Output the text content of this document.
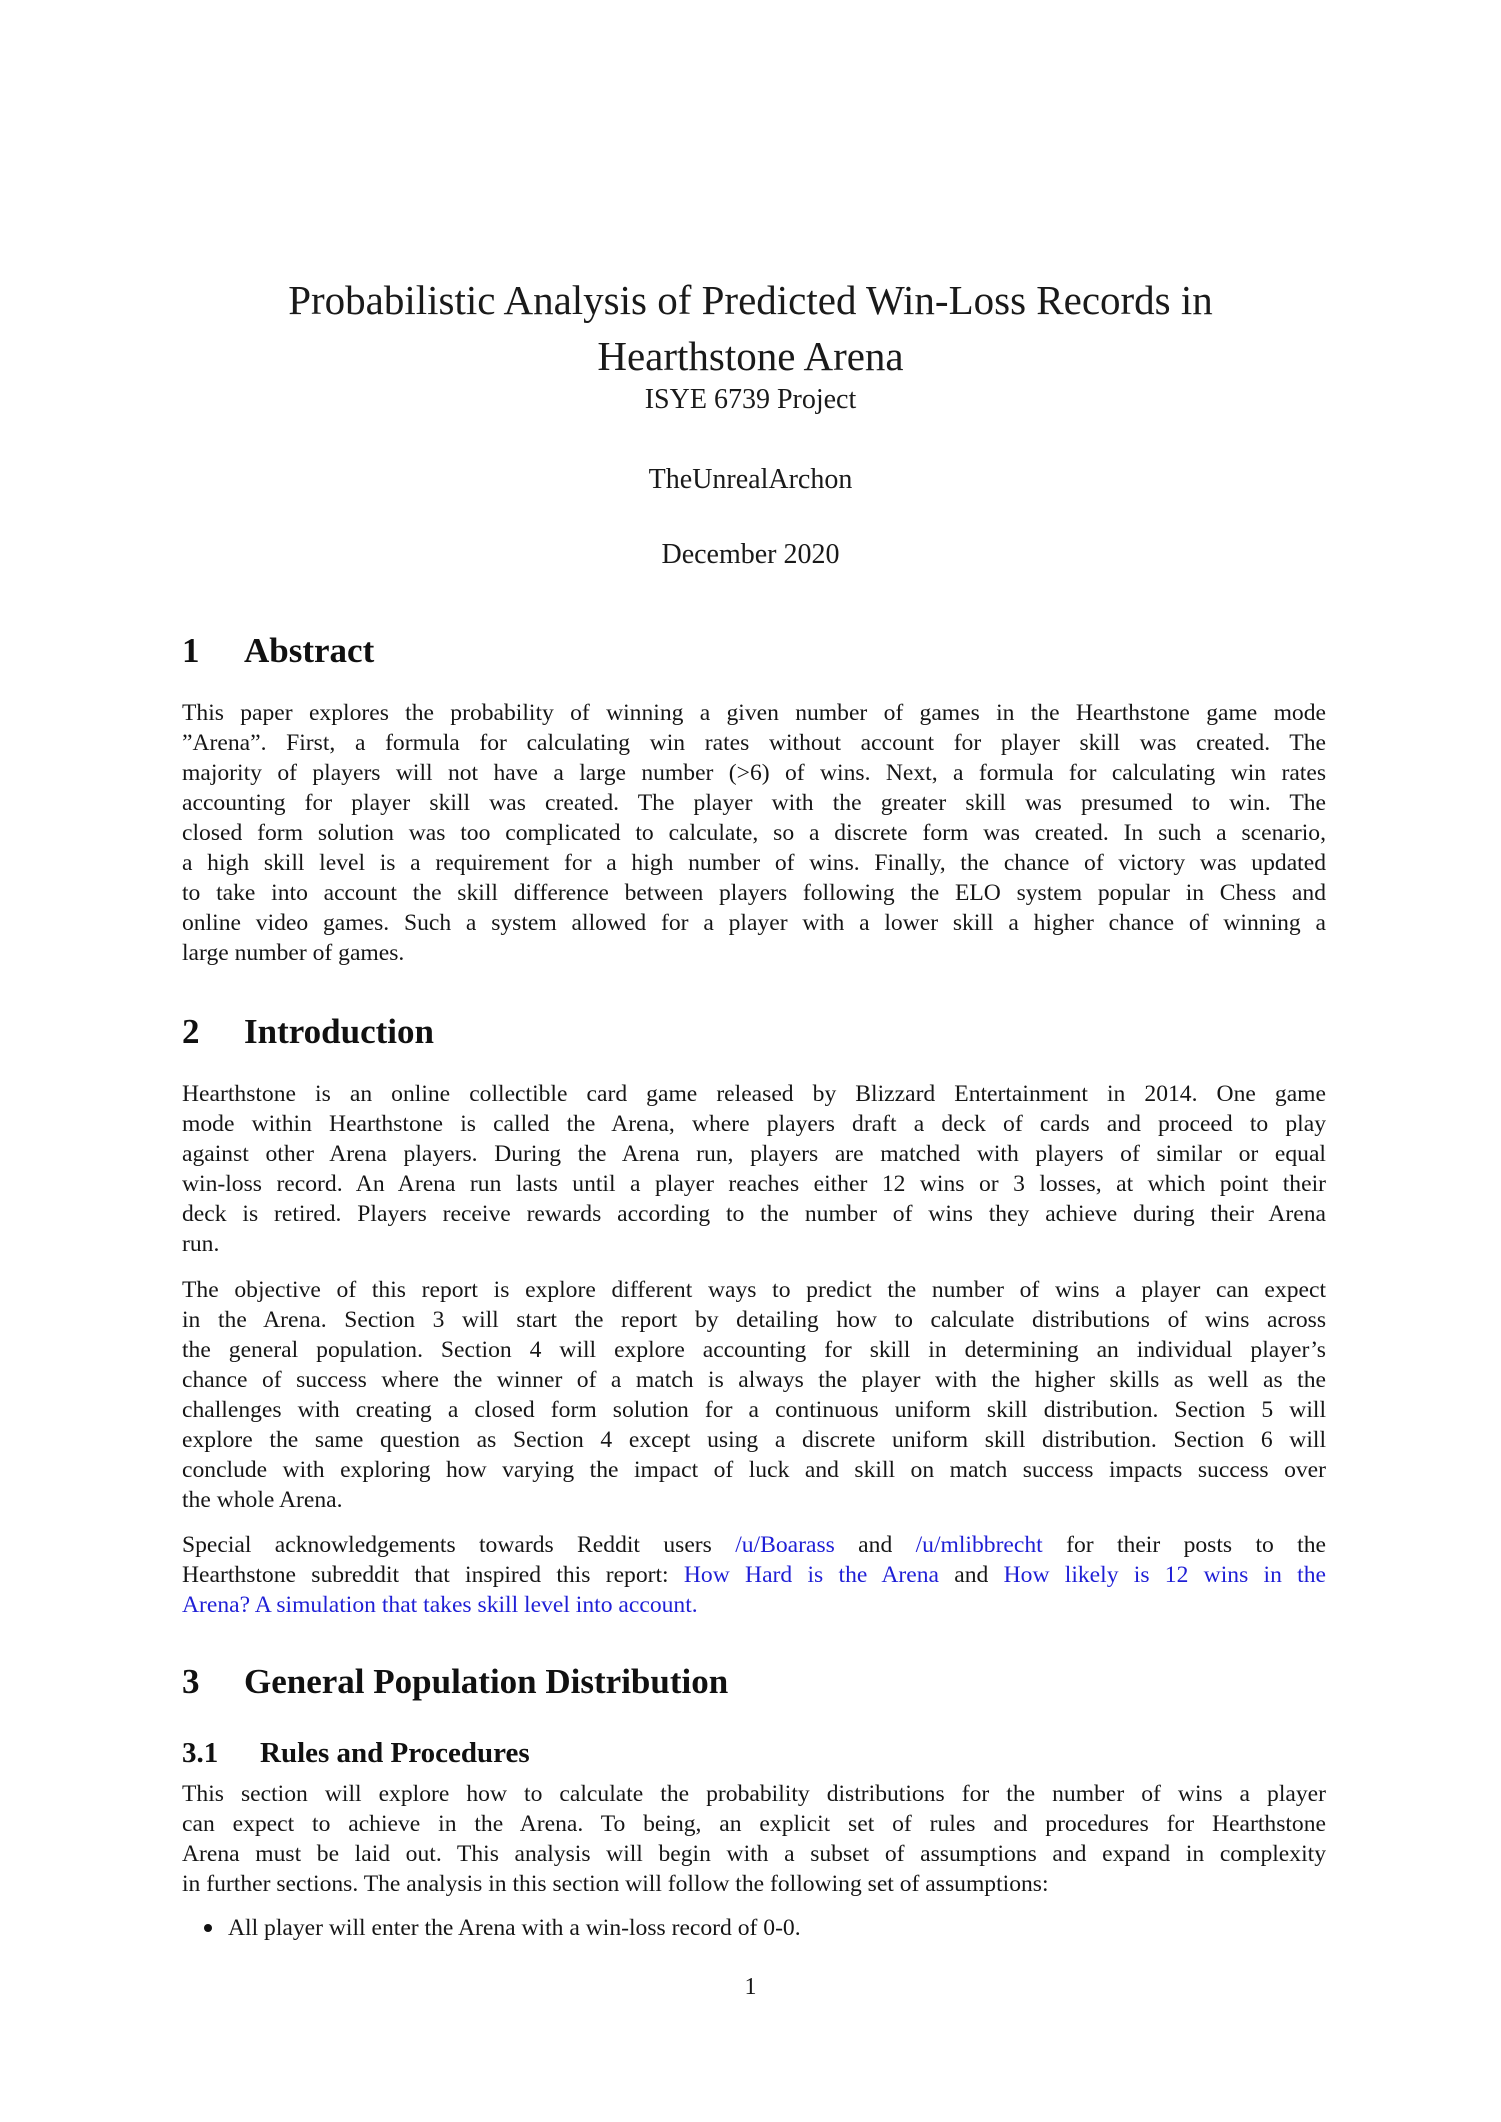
Probabilistic Analysis of Predicted Win-Loss Records in
Hearthstone Arena
ISYE 6739 Project
TheUnrealArchon
December 2020
1 Abstract
This paper explores the probability of winning a given number of games in the Hearthstone game mode
”Arena”. First, a formula for calculating win rates without account for player skill was created. The
majority of players will not have a large number (>6) of wins. Next, a formula for calculating win rates
accounting for player skill was created. The player with the greater skill was presumed to win. The
closed form solution was too complicated to calculate, so a discrete form was created. In such a scenario,
a high skill level is a requirement for a high number of wins. Finally, the chance of victory was updated
to take into account the skill difference between players following the ELO system popular in Chess and
online video games. Such a system allowed for a player with a lower skill a higher chance of winning a
large number of games.
2 Introduction
Hearthstone is an online collectible card game released by Blizzard Entertainment in 2014. One game
mode within Hearthstone is called the Arena, where players draft a deck of cards and proceed to play
against other Arena players. During the Arena run, players are matched with players of similar or equal
win-loss record. An Arena run lasts until a player reaches either 12 wins or 3 losses, at which point their
deck is retired. Players receive rewards according to the number of wins they achieve during their Arena
run.
The objective of this report is explore different ways to predict the number of wins a player can expect
in the Arena. Section 3 will start the report by detailing how to calculate distributions of wins across
the general population. Section 4 will explore accounting for skill in determining an individual player’s
chance of success where the winner of a match is always the player with the higher skills as well as the
challenges with creating a closed form solution for a continuous uniform skill distribution. Section 5 will
explore the same question as Section 4 except using a discrete uniform skill distribution. Section 6 will
conclude with exploring how varying the impact of luck and skill on match success impacts success over
the whole Arena.
Special acknowledgements towards Reddit users /u/Boarass and /u/mlibbrecht for their posts to the
Hearthstone subreddit that inspired this report: How Hard is the Arena and How likely is 12 wins in the
Arena? A simulation that takes skill level into account.
3 General Population Distribution
3.1 Rules and Procedures
This section will explore how to calculate the probability distributions for the number of wins a player
can expect to achieve in the Arena. To being, an explicit set of rules and procedures for Hearthstone
Arena must be laid out. This analysis will begin with a subset of assumptions and expand in complexity
in further sections. The analysis in this section will follow the following set of assumptions:
All player will enter the Arena with a win-loss record of 0-0.
1
